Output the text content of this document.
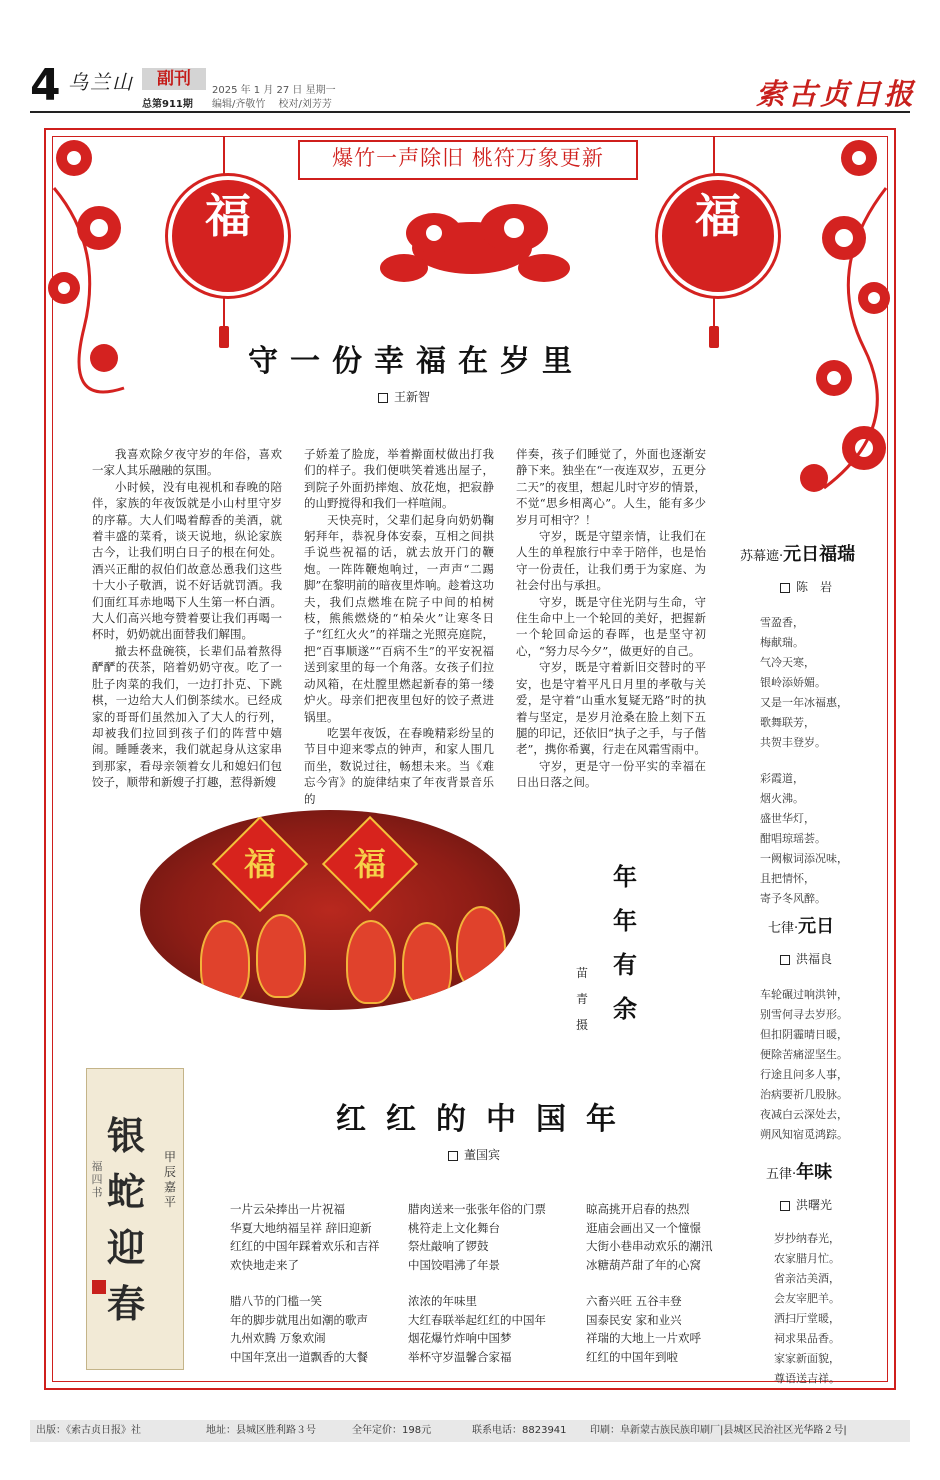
4 乌兰山	副刊
总第911期
2025 年 1 月 27 日 星期一
编辑/齐敬竹　 校对/刘芳芳	索古贞日报
福	福
爆竹一声除旧 桃符万象更新
守一份幸福在岁里
王新智

我喜欢除夕夜守岁的年俗，喜欢一家人其乐融融的氛围。

小时候，没有电视机和春晚的陪伴，家族的年夜饭就是小山村里守岁的序幕。大人们喝着醇香的美酒，就着丰盛的菜肴，谈天说地，纵论家族古今，让我们明白日子的根在何处。酒兴正酣的叔伯们故意怂恿我们这些十大小子敬酒，说不好话就罚酒。我们面红耳赤地喝下人生第一杯白酒。大人们高兴地夸赞着要让我们再喝一杯时，奶奶就出面替我们解围。

撤去杯盘碗筷，长辈们品着熬得酽酽的茯茶，陪着奶奶守夜。吃了一肚子肉菜的我们，一边打扑克、下跳棋，一边给大人们倒茶续水。已经成家的哥哥们虽然加入了大人的行列，却被我们拉回到孩子们的阵营中嬉闹。睡睡袭来，我们就起身从这家串到那家，看母亲领着女儿和媳妇们包饺子，顺带和新嫂子打趣，惹得新嫂

子娇羞了脸庞，举着擀面杖做出打我们的样子。我们便哄笑着逃出屋子，到院子外面扔摔炮、放花炮，把寂静的山野搅得和我们一样喧闹。

天快亮时，父辈们起身向奶奶鞠躬拜年，恭祝身体安泰，互相之间拱手说些祝福的话，就去放开门的鞭炮。一阵阵鞭炮响过，一声声“二踢脚”在黎明前的暗夜里炸响。趁着这功夫，我们点燃堆在院子中间的柏树枝，熊熊燃烧的“柏朵火”让寒冬日子“红红火火”的祥瑞之光照亮庭院，把“百事顺遂”“百病不生”的平安祝福送到家里的每一个角落。女孩子们拉动风箱，在灶膛里燃起新春的第一缕炉火。母亲们把夜里包好的饺子煮进锅里。

吃罢年夜饭，在春晚精彩纷呈的节目中迎来零点的钟声，和家人围几而坐，数说过往，畅想未来。当《难忘今宵》的旋律结束了年夜背景音乐的

伴奏，孩子们睡觉了，外面也逐渐安静下来。独坐在“一夜连双岁，五更分二天”的夜里，想起儿时守岁的情景，不觉“思乡相离心”。人生，能有多少岁月可相守？！

守岁，既是守望亲情，让我们在人生的单程旅行中幸于陪伴，也是怡守一份责任，让我们勇于为家庭、为社会付出与承担。

守岁，既是守住光阴与生命，守住生命中上一个轮回的美好，把握新一个轮回命运的春晖，也是坚守初心，“努力尽今夕”，做更好的自己。

守岁，既是守着新旧交替时的平安，也是守着平凡日月里的孝敬与关爱，是守着“山重水复疑无路”时的执着与坚定，是岁月沧桑在脸上刻下五腿的印记，还依旧“执子之手，与子偕老”，携你希翼，行走在风霜雪雨中。

守岁，更是守一份平实的幸福在日出日落之间。

苏幕遮·元日福瑞
陈　岩
雪盈香，
梅献瑞。
气冷天寒，
银岭添娇媚。
又是一年冰福惠，
歌舞联芳，
共贺丰登岁。
彩霞道，
烟火沸。
盛世华灯，
酣唱琼瑶荟。
一阙椒词添况味，
且把情怀，
寄予冬风醉。
七律·元日
洪福良
车轮碾过响洪钟，
别雪何寻去岁形。
但扣阴霾晴日暖，
便除苦痛涩坚生。
行途且问多人事，
治病要祈几股脉。
夜减白云深处去，
朔风知宿觅鸿踪。
五律·年味
洪曙光
岁抄纳春光，
农家腊月忙。
省亲沽美酒，
会友宰肥羊。
洒扫厅堂暖，
祠求果品香。
家家新面貌，
尊语送吉祥。
福	福	年年有余
苗青摄
银蛇迎春
甲辰嘉平
福四书
红红的中国年
董国宾
一片云朵捧出一片祝福
华夏大地纳福呈祥 辞旧迎新
红红的中国年踩着欢乐和吉祥
欢快地走来了
腊八节的门槛一笑
年的脚步就甩出如潮的歌声
九州欢腾 万象欢闹
中国年烹出一道飘香的大餐
腊肉送来一张张年俗的门票
桃符走上文化舞台
祭灶敲响了锣鼓
中国饺唱沸了年景
浓浓的年味里
大红春联举起红红的中国年
烟花爆竹炸响中国梦
举杯守岁温馨合家福
晾高挑开启春的热烈
逛庙会画出又一个憧憬
大街小巷串动欢乐的潮汛
冰糖葫芦甜了年的心窝
六畜兴旺 五谷丰登
国泰民安 家和业兴
祥瑞的大地上一片欢呼
红红的中国年到啦
出版：《索古贞日报》社	地址：县城区胜利路３号	全年定价：198元	联系电话：8823941 印刷：阜新蒙古族民族印刷厂|县城区民治社区光华路２号|
